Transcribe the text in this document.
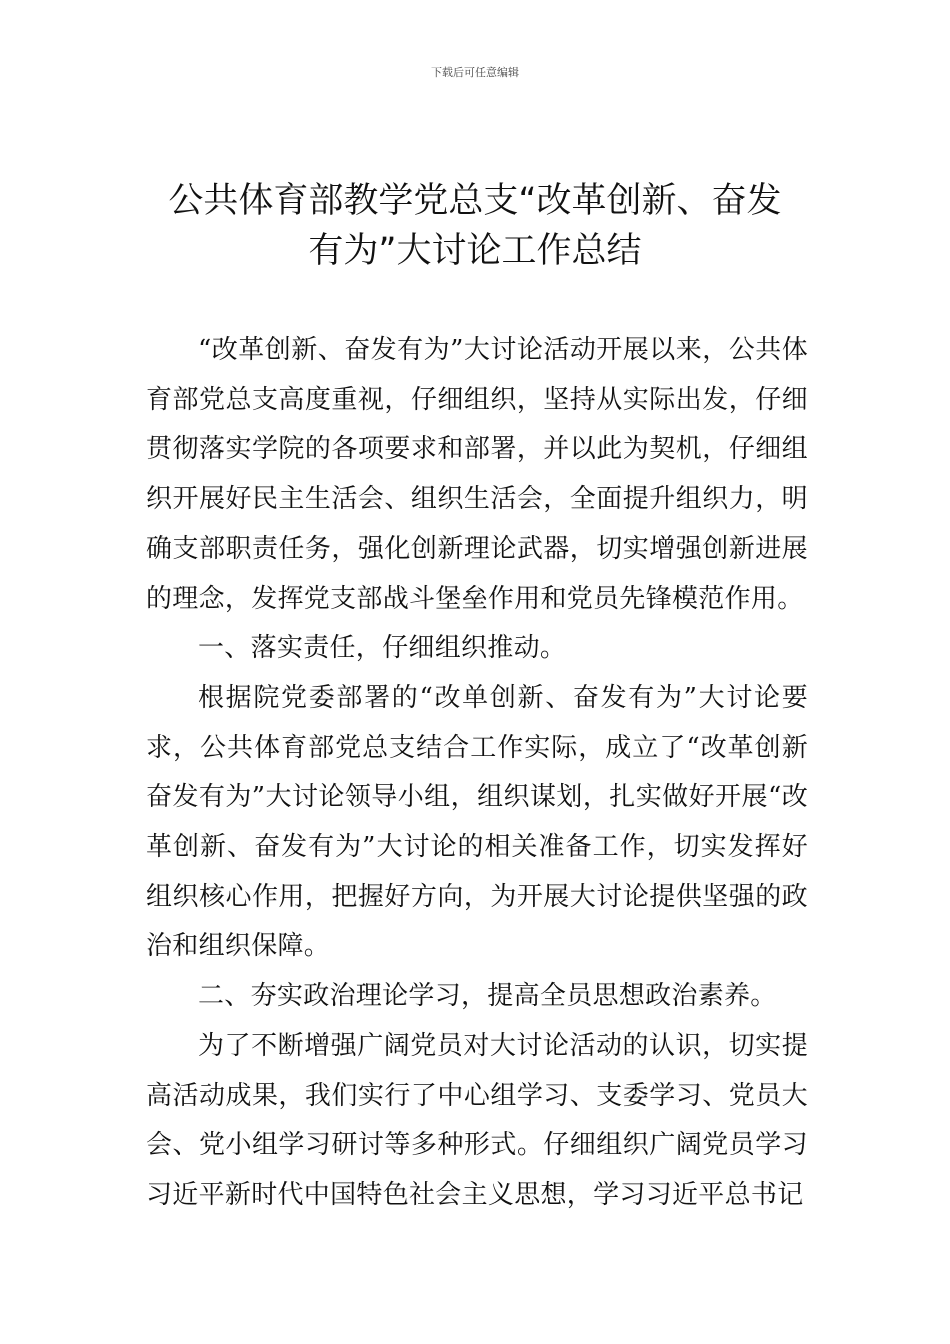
下载后可任意编辑
公共体育部教学党总支“改革创新、奋发
有为”大讨论工作总结

“改革创新、奋发有为”大讨论活动开展以来，公共体育部党总支高度重视，仔细组织，坚持从实际出发，仔细贯彻落实学院的各项要求和部署，并以此为契机，仔细组织开展好民主生活会、组织生活会，全面提升组织力，明确支部职责任务，强化创新理论武器，切实增强创新进展的理念，发挥党支部战斗堡垒作用和党员先锋模范作用。

一、落实责任，仔细组织推动。

根据院党委部署的“改单创新、奋发有为”大讨论要求，公共体育部党总支结合工作实际，成立了“改革创新奋发有为”大讨论领导小组，组织谋划，扎实做好开展“改革创新、奋发有为”大讨论的相关准备工作，切实发挥好组织核心作用，把握好方向，为开展大讨论提供坚强的政治和组织保障。

二、夯实政治理论学习，提高全员思想政治素养。

为了不断增强广阔党员对大讨论活动的认识，切实提高活动成果，我们实行了中心组学习、支委学习、党员大会、党小组学习研讨等多种形式。仔细组织广阔党员学习习近平新时代中国特色社会主义思想，学习习近平总书记
